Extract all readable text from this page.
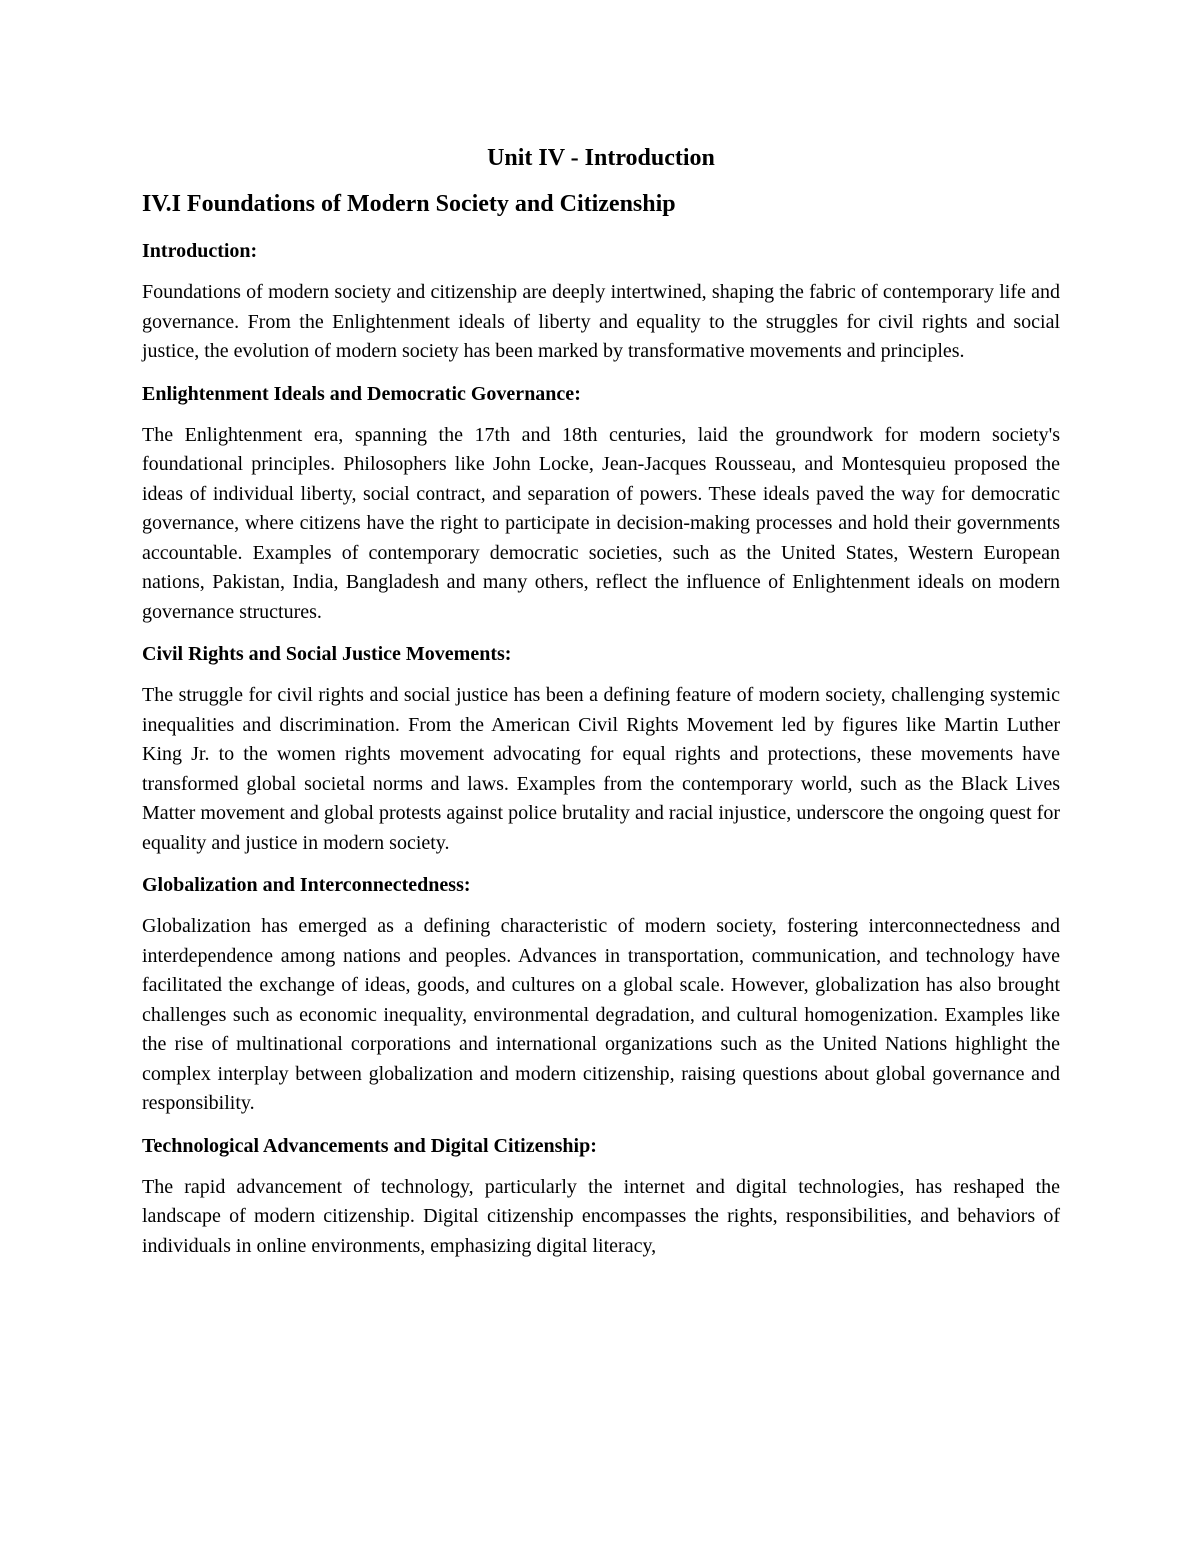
Unit IV - Introduction
IV.I Foundations of Modern Society and Citizenship
Introduction:

Foundations of modern society and citizenship are deeply intertwined, shaping the fabric of contemporary life and governance. From the Enlightenment ideals of liberty and equality to the struggles for civil rights and social justice, the evolution of modern society has been marked by transformative movements and principles.

Enlightenment Ideals and Democratic Governance:

The Enlightenment era, spanning the 17th and 18th centuries, laid the groundwork for modern society's foundational principles. Philosophers like John Locke, Jean-Jacques Rousseau, and Montesquieu proposed the ideas of individual liberty, social contract, and separation of powers. These ideals paved the way for democratic governance, where citizens have the right to participate in decision-making processes and hold their governments accountable. Examples of contemporary democratic societies, such as the United States, Western European nations, Pakistan, India, Bangladesh and many others, reflect the influence of Enlightenment ideals on modern governance structures.

Civil Rights and Social Justice Movements:

The struggle for civil rights and social justice has been a defining feature of modern society, challenging systemic inequalities and discrimination. From the American Civil Rights Movement led by figures like Martin Luther King Jr. to the women rights movement advocating for equal rights and protections, these movements have transformed global societal norms and laws. Examples from the contemporary world, such as the Black Lives Matter movement and global protests against police brutality and racial injustice, underscore the ongoing quest for equality and justice in modern society.

Globalization and Interconnectedness:

Globalization has emerged as a defining characteristic of modern society, fostering interconnectedness and interdependence among nations and peoples. Advances in transportation, communication, and technology have facilitated the exchange of ideas, goods, and cultures on a global scale. However, globalization has also brought challenges such as economic inequality, environmental degradation, and cultural homogenization. Examples like the rise of multinational corporations and international organizations such as the United Nations highlight the complex interplay between globalization and modern citizenship, raising questions about global governance and responsibility.

Technological Advancements and Digital Citizenship:

The rapid advancement of technology, particularly the internet and digital technologies, has reshaped the landscape of modern citizenship. Digital citizenship encompasses the rights, responsibilities, and behaviors of individuals in online environments, emphasizing digital literacy,
